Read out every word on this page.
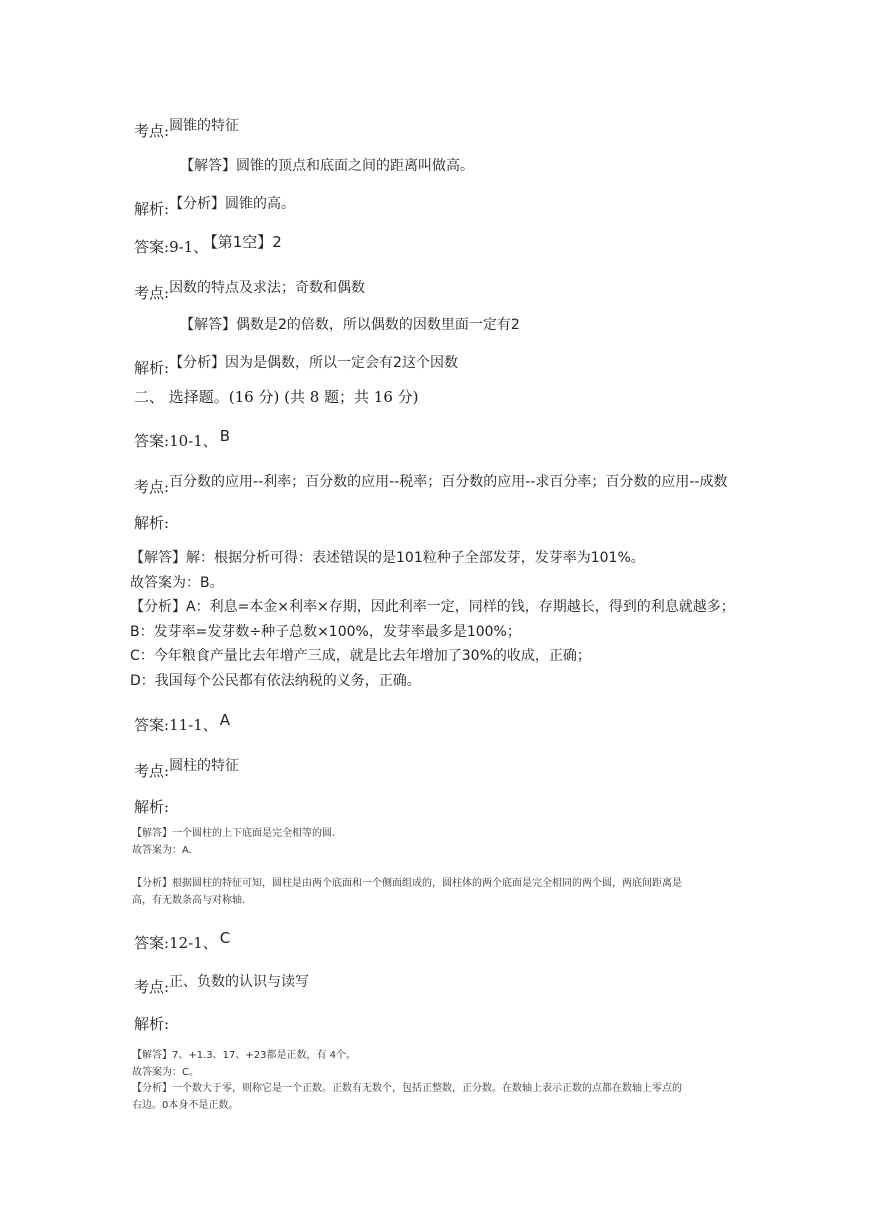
考点:圆锥的特征
【解答】圆锥的顶点和底面之间的距离叫做高。
解析:【分析】圆锥的高。
答案:9-1、 【第1空】2
考点:因数的特点及求法；奇数和偶数
【解答】偶数是2的倍数，所以偶数的因数里面一定有2
解析:【分析】因为是偶数，所以一定会有2这个因数
二、 选择题。(16 分) (共 8 题；共 16 分)
答案:10-1、 B
考点:百分数的应用--利率；百分数的应用--税率；百分数的应用--求百分率；百分数的应用--成数
解析:
【解答】解：根据分析可得：表述错误的是101粒种子全部发芽，发芽率为101%。
故答案为：B。
【分析】A：利息=本金×利率×存期，因此利率一定，同样的钱，存期越长，得到的利息就越多；
B：发芽率=发芽数÷种子总数×100%，发芽率最多是100%；
C：今年粮食产量比去年增产三成，就是比去年增加了30%的收成，正确；
D：我国每个公民都有依法纳税的义务，正确。
答案:11-1、 A
考点:圆柱的特征
解析:
【解答】一个圆柱的上下底面是完全相等的圆.
故答案为：A.
【分析】根据圆柱的特征可知，圆柱是由两个底面和一个侧面组成的，圆柱体的两个底面是完全相同的两个圆，两底间距离是
高，有无数条高与对称轴.
答案:12-1、 C
考点:正、负数的认识与读写
解析:
【解答】7、+1.3、17、+23都是正数，有 4个。
故答案为：C。
【分析】一个数大于零，则称它是一个正数。正数有无数个，包括正整数，正分数。在数轴上表示正数的点都在数轴上零点的
右边。0本身不是正数。
